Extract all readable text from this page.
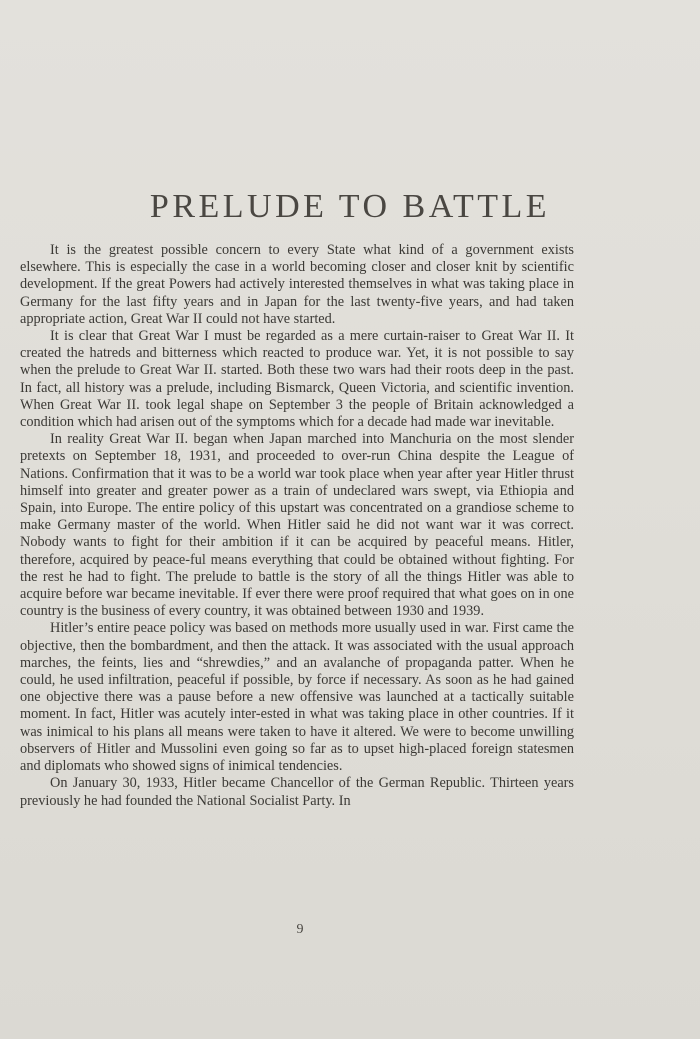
PRELUDE TO BATTLE

It is the greatest possible concern to every State what kind of a government exists elsewhere. This is especially the case in a world becoming closer and closer knit by scientific development. If the great Powers had actively interested themselves in what was taking place in Germany for the last fifty years and in Japan for the last twenty-five years, and had taken appropriate action, Great War II could not have started.

It is clear that Great War I must be regarded as a mere curtain-raiser to Great War II. It created the hatreds and bitterness which reacted to produce war. Yet, it is not possible to say when the prelude to Great War II. started. Both these two wars had their roots deep in the past. In fact, all history was a prelude, including Bismarck, Queen Victoria, and scientific invention. When Great War II. took legal shape on September 3 the people of Britain acknowledged a condition which had arisen out of the symptoms which for a decade had made war inevitable.

In reality Great War II. began when Japan marched into Manchuria on the most slender pretexts on September 18, 1931, and proceeded to over-run China despite the League of Nations. Confirmation that it was to be a world war took place when year after year Hitler thrust himself into greater and greater power as a train of undeclared wars swept, via Ethiopia and Spain, into Europe. The entire policy of this upstart was concentrated on a grandiose scheme to make Germany master of the world. When Hitler said he did not want war it was correct. Nobody wants to fight for their ambition if it can be acquired by peaceful means. Hitler, therefore, acquired by peace-ful means everything that could be obtained without fighting. For the rest he had to fight. The prelude to battle is the story of all the things Hitler was able to acquire before war became inevitable. If ever there were proof required that what goes on in one country is the business of every country, it was obtained between 1930 and 1939.

Hitler’s entire peace policy was based on methods more usually used in war. First came the objective, then the bombardment, and then the attack. It was associated with the usual approach marches, the feints, lies and “shrewdies,” and an avalanche of propaganda patter. When he could, he used infiltration, peaceful if possible, by force if necessary. As soon as he had gained one objective there was a pause before a new offensive was launched at a tactically suitable moment. In fact, Hitler was acutely inter-ested in what was taking place in other countries. If it was inimical to his plans all means were taken to have it altered. We were to become unwilling observers of Hitler and Mussolini even going so far as to upset high-placed foreign statesmen and diplomats who showed signs of inimical tendencies.

On January 30, 1933, Hitler became Chancellor of the German Republic. Thirteen years previously he had founded the National Socialist Party. In

9
